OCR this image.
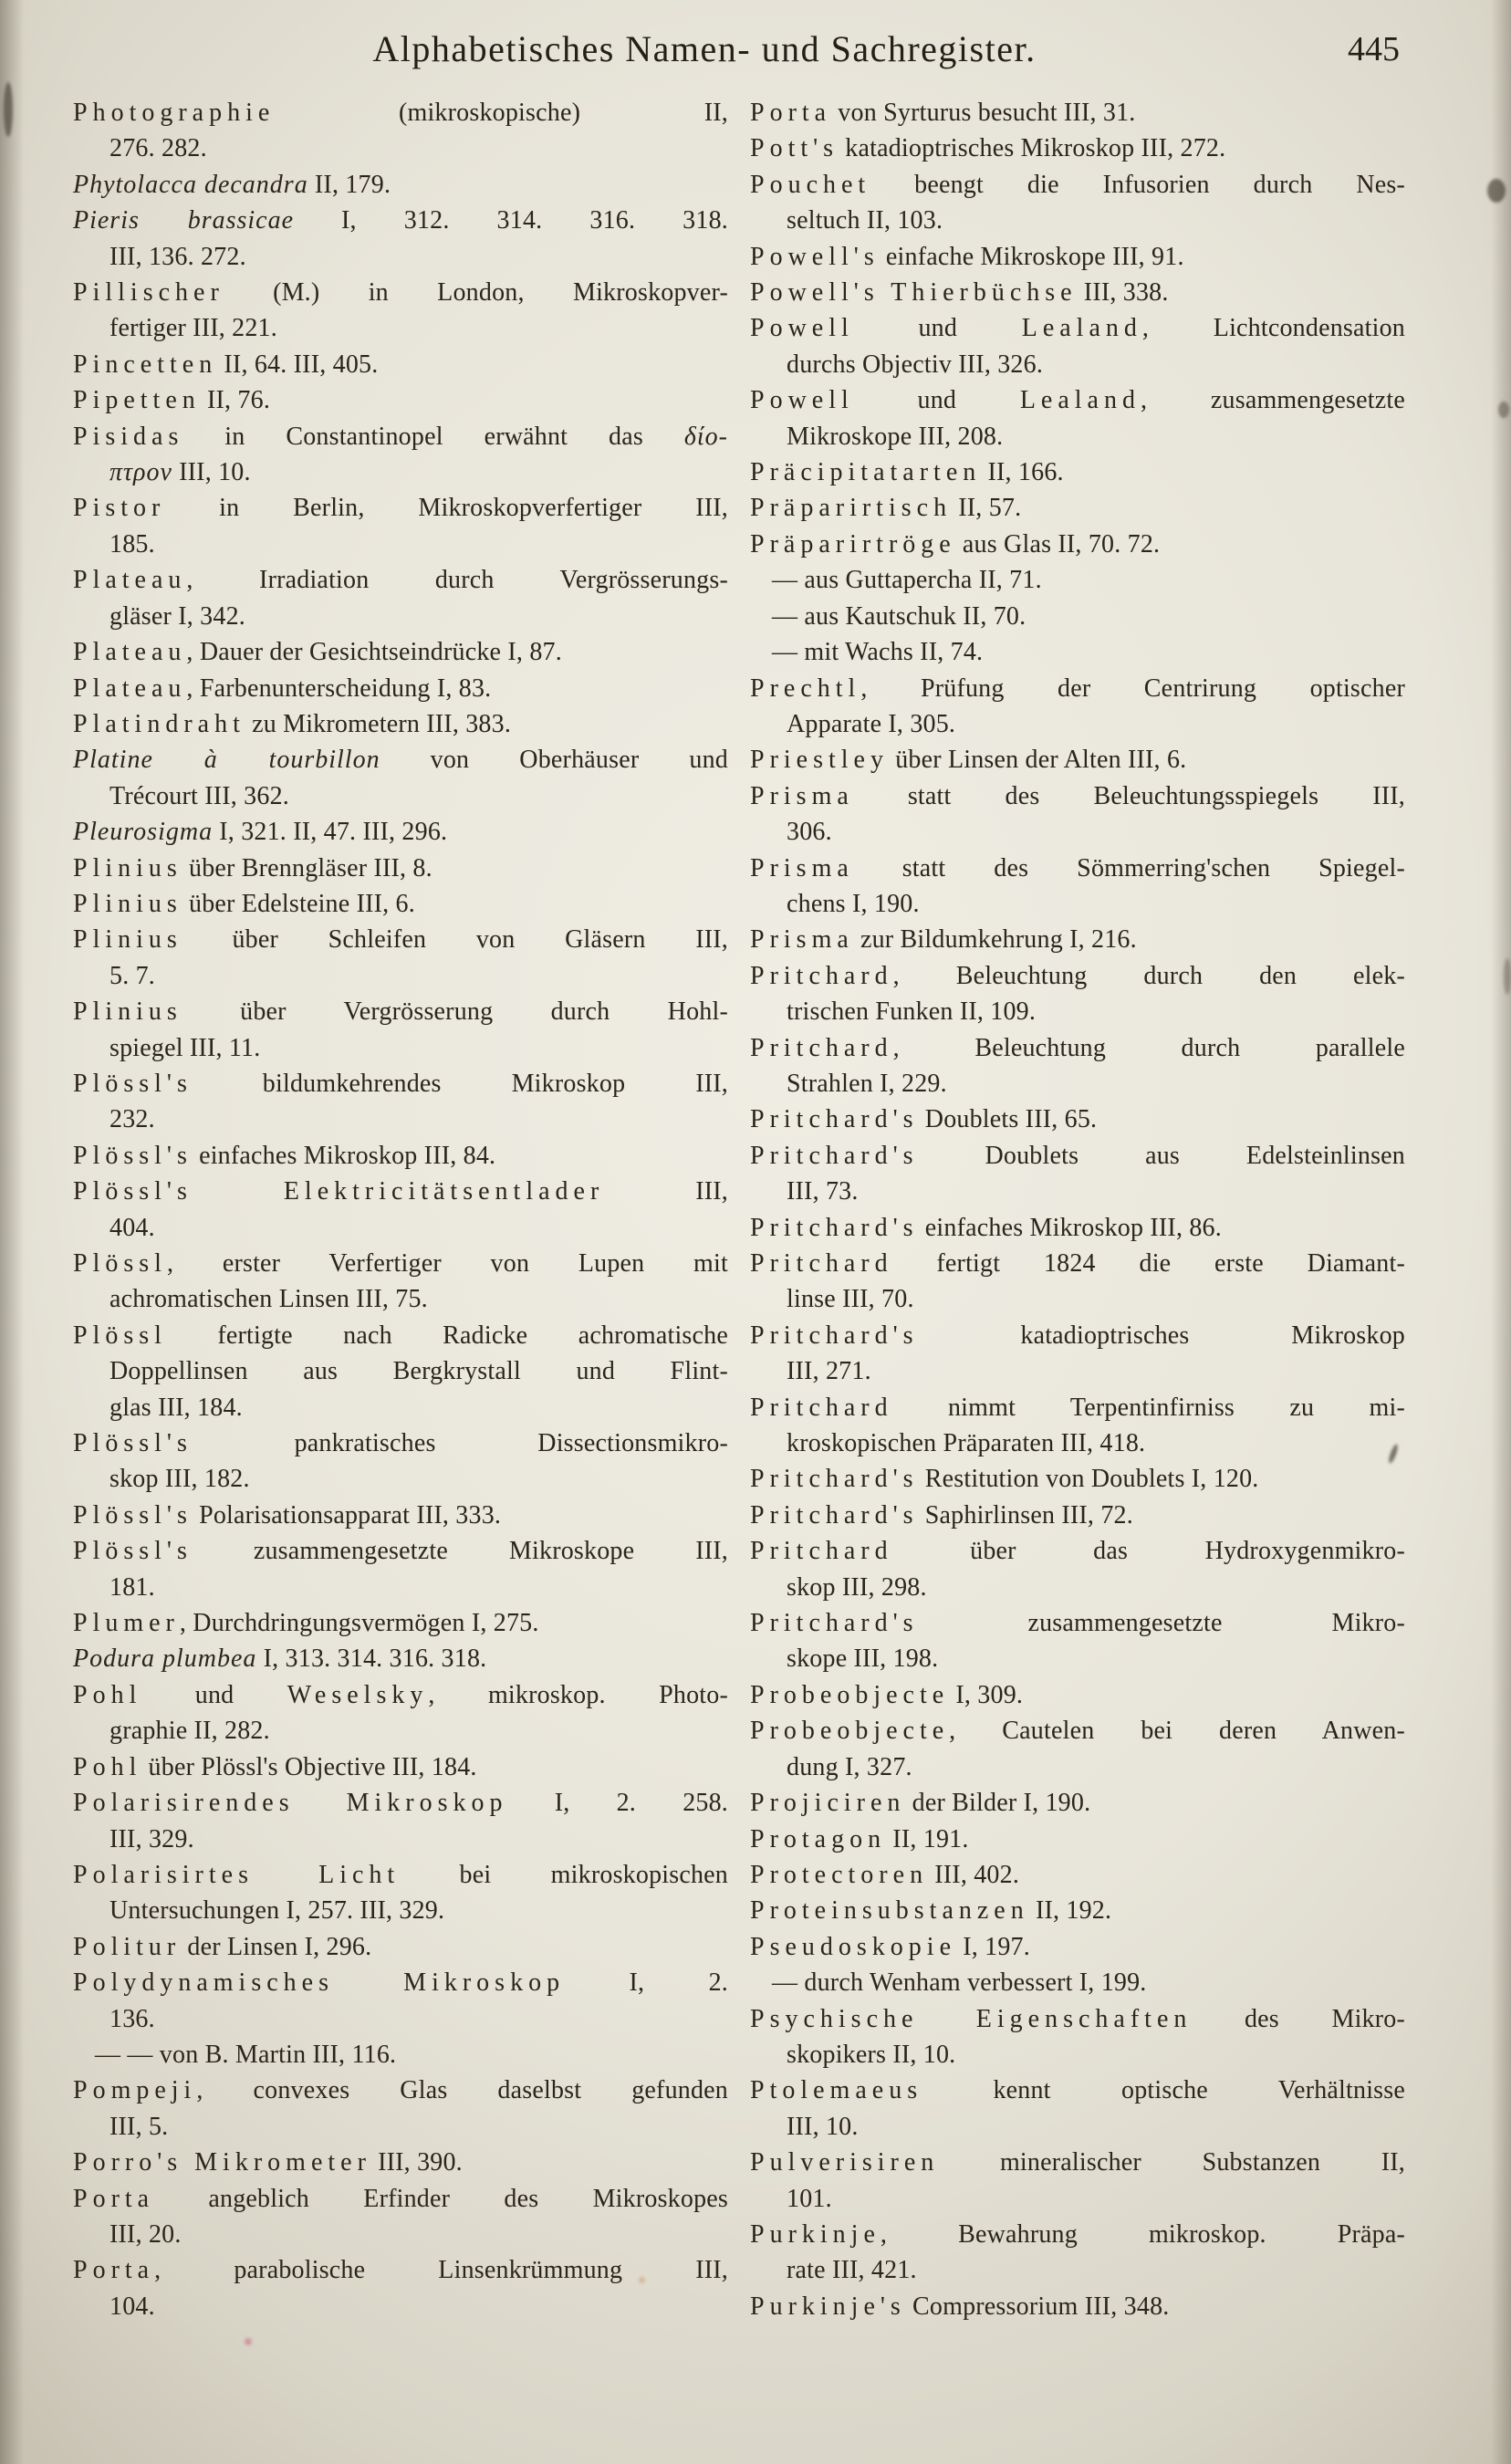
Alphabetisches Namen- und Sachregister.	445

Photographie (mikroskopische) II,

276. 282.

Phytolacca decandra II, 179.

Pieris brassicae I, 312. 314. 316. 318.

III, 136. 272.

Pillischer (M.) in London, Mikroskopver-

fertiger III, 221.

Pincetten II, 64. III, 405.

Pipetten II, 76.

Pisidas in Constantinopel erwähnt das δίο-

πτρον III, 10.

Pistor in Berlin, Mikroskopverfertiger III,

185.

Plateau, Irradiation durch Vergrösserungs-

gläser I, 342.

Plateau, Dauer der Gesichtseindrücke I, 87.

Plateau, Farbenunterscheidung I, 83.

Platindraht zu Mikrometern III, 383.

Platine à tourbillon von Oberhäuser und

Trécourt III, 362.

Pleurosigma I, 321. II, 47. III, 296.

Plinius über Brenngläser III, 8.

Plinius über Edelsteine III, 6.

Plinius über Schleifen von Gläsern III,

5. 7.

Plinius über Vergrösserung durch Hohl-

spiegel III, 11.

Plössl's bildumkehrendes Mikroskop III,

232.

Plössl's einfaches Mikroskop III, 84.

Plössl's	Elektricitätsentlader III,

404.

Plössl, erster Verfertiger von Lupen mit

achromatischen Linsen III, 75.

Plössl fertigte nach Radicke achromatische

Doppellinsen aus Bergkrystall und Flint-

glas III, 184.

Plössl's pankratisches Dissectionsmikro-

skop III, 182.

Plössl's Polarisationsapparat III, 333.

Plössl's zusammengesetzte Mikroskope III,

181.

Plumer, Durchdringungsvermögen I, 275.

Podura plumbea I, 313. 314. 316. 318.

Pohl und Weselsky, mikroskop. Photo-

graphie II, 282.

Pohl über Plössl's Objective III, 184.

Polarisirendes Mikroskop I, 2. 258.

III, 329.

Polarisirtes Licht bei mikroskopischen

Untersuchungen I, 257. III, 329.

Politur der Linsen I, 296.

Polydynamisches Mikroskop I, 2.

136.

— — von B. Martin III, 116.

Pompeji, convexes Glas daselbst gefunden

III, 5.

Porro's Mikrometer III, 390.

Porta angeblich Erfinder des Mikroskopes

III, 20.

Porta, parabolische Linsenkrümmung III,

104.

Porta von Syrturus besucht III, 31.

Pott's katadioptrisches Mikroskop III, 272.

Pouchet beengt die Infusorien durch Nes-

seltuch II, 103.

Powell's einfache Mikroskope III, 91.

Powell's Thierbüchse III, 338.

Powell und Lealand, Lichtcondensation

durchs Objectiv III, 326.

Powell und Lealand, zusammengesetzte

Mikroskope III, 208.

Präcipitatarten II, 166.

Präparirtisch II, 57.

Präparirtröge aus Glas II, 70. 72.

— aus Guttapercha II, 71.

— aus Kautschuk II, 70.

— mit Wachs II, 74.

Prechtl, Prüfung der Centrirung optischer

Apparate I, 305.

Priestley über Linsen der Alten III, 6.

Prisma statt des Beleuchtungsspiegels III,

306.

Prisma statt des Sömmerring'schen Spiegel-

chens I, 190.

Prisma zur Bildumkehrung I, 216.

Pritchard, Beleuchtung durch den elek-

trischen Funken II, 109.

Pritchard, Beleuchtung durch parallele

Strahlen I, 229.

Pritchard's Doublets III, 65.

Pritchard's Doublets aus Edelsteinlinsen

III, 73.

Pritchard's einfaches Mikroskop III, 86.

Pritchard fertigt 1824 die erste Diamant-

linse III, 70.

Pritchard's katadioptrisches Mikroskop

III, 271.

Pritchard nimmt Terpentinfirniss zu mi-

kroskopischen Präparaten III, 418.

Pritchard's Restitution von Doublets I, 120.

Pritchard's Saphirlinsen III, 72.

Pritchard über das Hydroxygenmikro-

skop III, 298.

Pritchard's zusammengesetzte Mikro-

skope III, 198.

Probeobjecte I, 309.

Probeobjecte, Cautelen bei deren Anwen-

dung I, 327.

Projiciren der Bilder I, 190.

Protagon II, 191.

Protectoren III, 402.

Proteinsubstanzen II, 192.

Pseudoskopie I, 197.

— durch Wenham verbessert I, 199.

Psychische Eigenschaften des Mikro-

skopikers II, 10.

Ptolemaeus kennt optische Verhältnisse

III, 10.

Pulverisiren mineralischer Substanzen II,

101.

Purkinje, Bewahrung mikroskop. Präpa-

rate III, 421.

Purkinje's Compressorium III, 348.
